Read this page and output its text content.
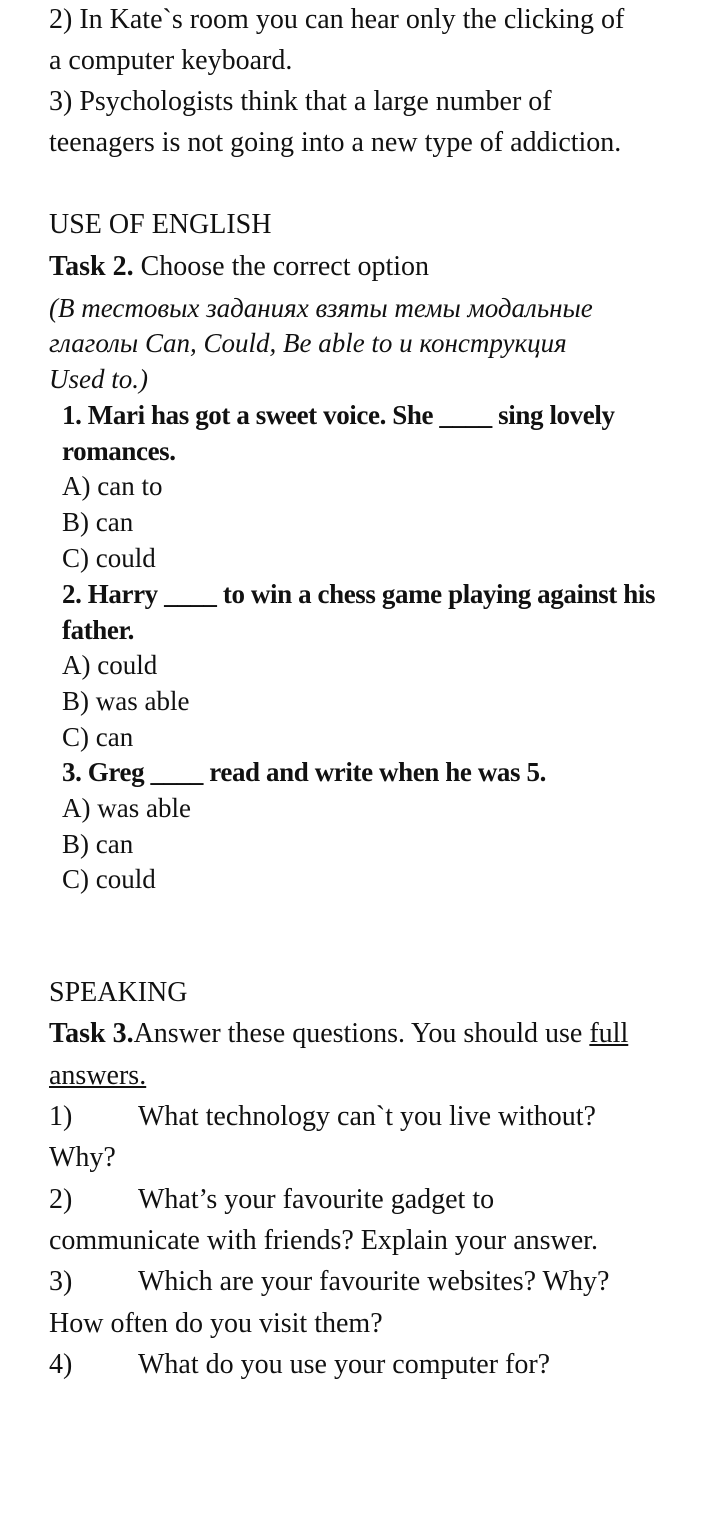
2) In Kate`s room you can hear only the clicking of
a computer keyboard.
3) Psychologists think that a large number of
teenagers is not going into a new type of addiction.
USE OF ENGLISH
Task 2. Choose the correct option
(В тестовых заданиях взяты темы модальные
глаголы Can, Could, Be able to и конструкция
Used to.)
1. Mari has got a sweet voice. She ____ sing lovely
romances.
A) can to
B) can
C) could
2. Harry ____ to win a chess game playing against his
father.
A) could
B) was able
C) can
3. Greg ____ read and write when he was 5.
A) was able
B) can
C) could
SPEAKING
Task 3.Answer these questions. You should use full
answers.
1) What technology can`t you live without?
Why?
2) What’s your favourite gadget to
communicate with friends? Explain your answer.
3) Which are your favourite websites? Why?
How often do you visit them?
4) What do you use your computer for?
